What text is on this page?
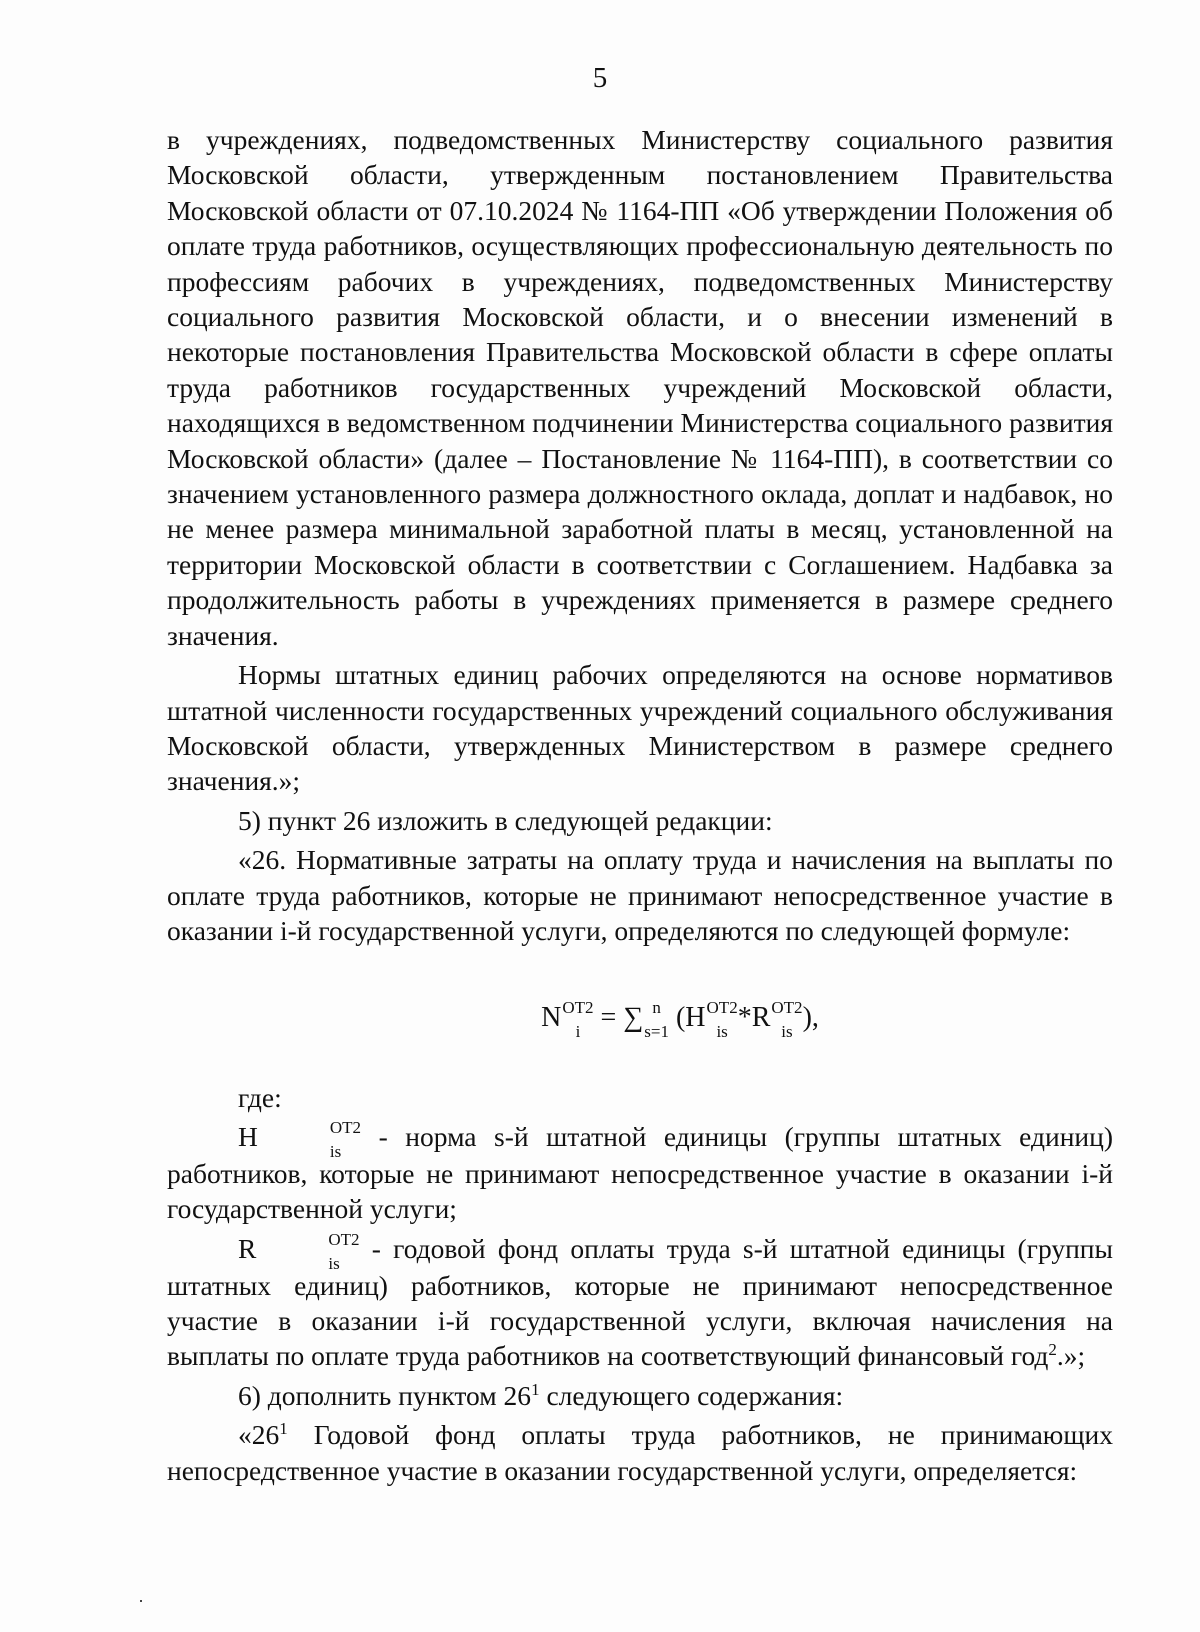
5

в учреждениях, подведомственных Министерству социального развития Московской области, утвержденным постановлением Правительства Московской области от 07.10.2024 № 1164-ПП «Об утверждении Положения об оплате труда работников, осуществляющих профессиональную деятельность по профессиям рабочих в учреждениях, подведомственных Министерству социального развития Московской области, и о внесении изменений в некоторые постановления Правительства Московской области в сфере оплаты труда работников государственных учреждений Московской области, находящихся в ведомственном подчинении Министерства социального развития Московской области» (далее – Постановление № 1164-ПП), в соответствии со значением установленного размера должностного оклада, доплат и надбавок, но не менее размера минимальной заработной платы в месяц, установленной на территории Московской области в соответствии с Соглашением. Надбавка за продолжительность работы в учреждениях применяется в размере среднего значения.

Нормы штатных единиц рабочих определяются на основе нормативов штатной численности государственных учреждений социального обслуживания Московской области, утвержденных Министерством в размере среднего значения.»;

5) пункт 26 изложить в следующей редакции:

«26. Нормативные затраты на оплату труда и начисления на выплаты по оплате труда работников, которые не принимают непосредственное участие в оказании i-й государственной услуги, определяются по следующей формуле:

N OT2
i = ∑ n
s=1 (H OT2
is *R OT2
is ),

где:

H	OT2
is - норма s-й штатной единицы (группы штатных единиц) работников, которые не принимают непосредственное участие в оказании i-й государственной услуги;

R	OT2
is - годовой фонд оплаты труда s-й штатной единицы (группы штатных единиц) работников, которые не принимают непосредственное участие в оказании i-й государственной услуги, включая начисления на выплаты по оплате труда работников на соответствующий финансовый год$^2$.»;

6) дополнить пунктом 26$^1$ следующего содержания:

«26$^1$ Годовой фонд оплаты труда работников, не принимающих непосредственное участие в оказании государственной услуги, определяется:
